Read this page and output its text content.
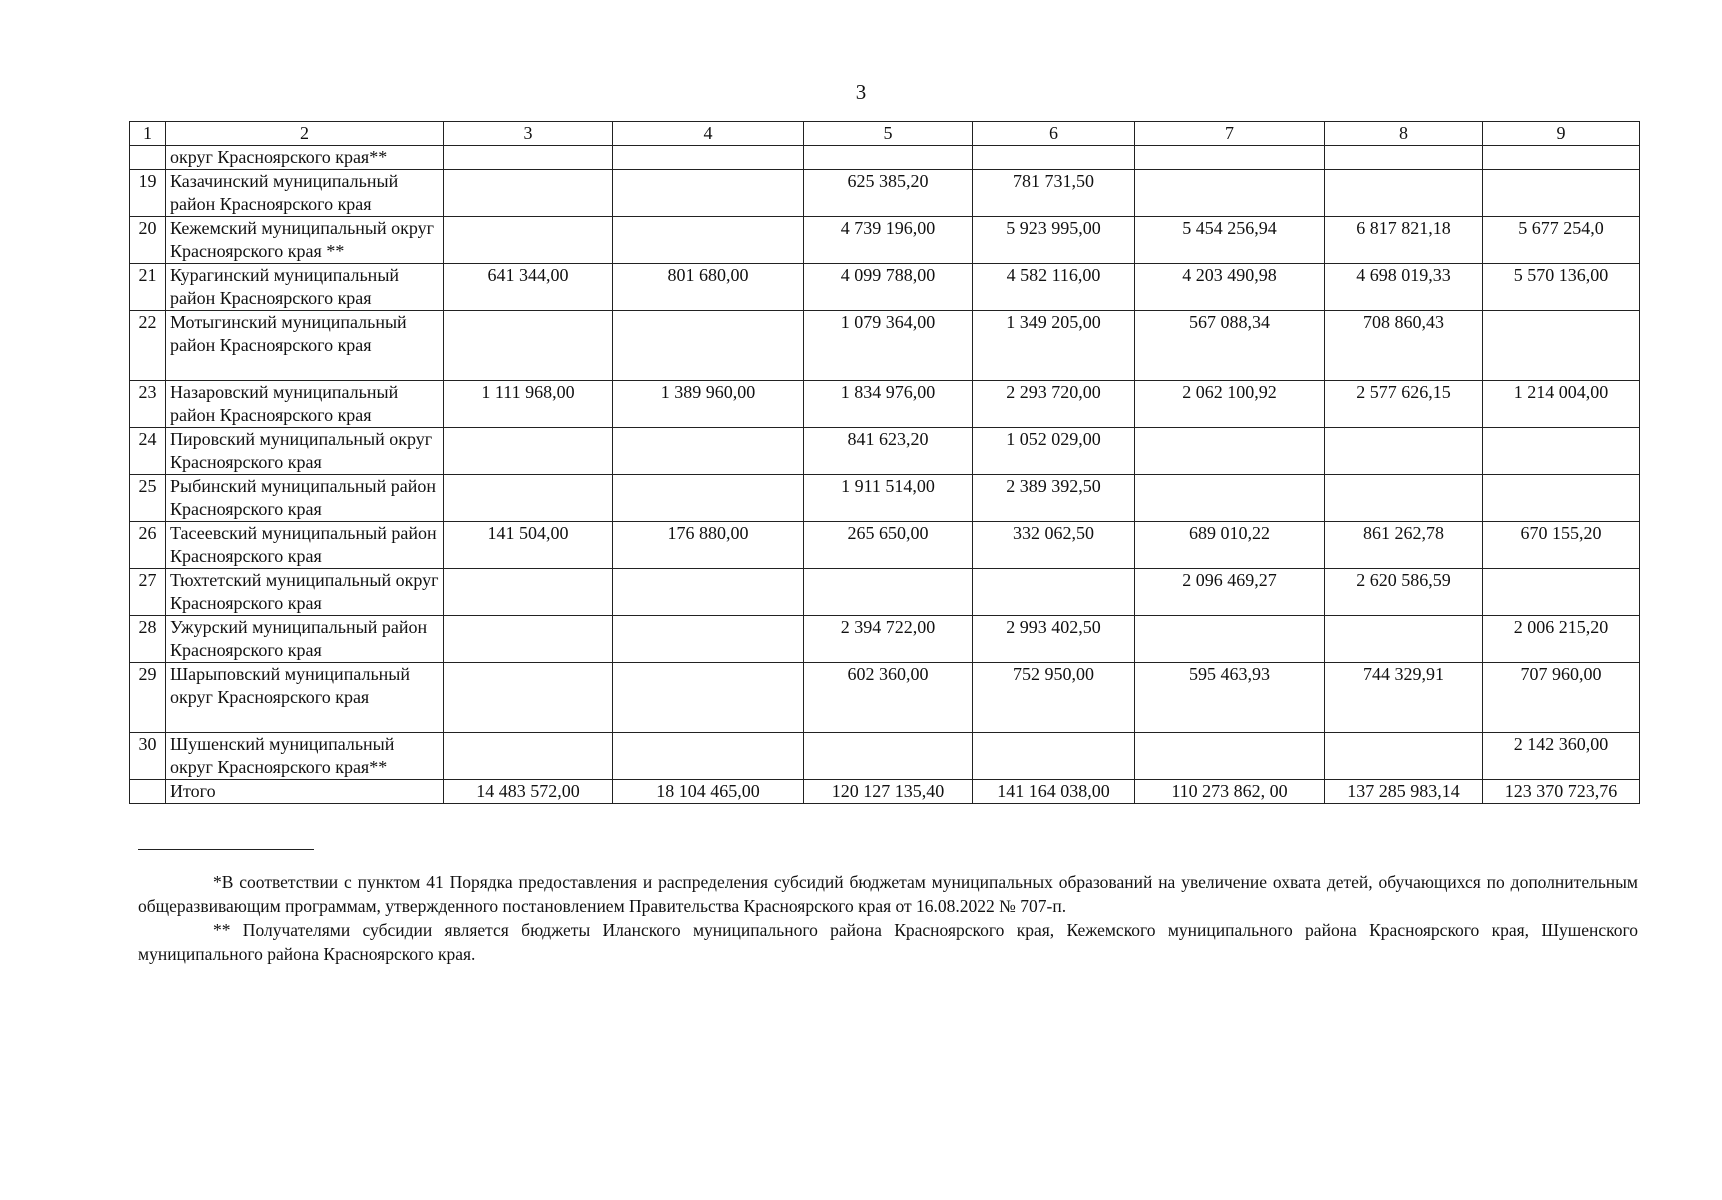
3
1	2	3	4	5	6	7	8	9
	округ Красноярского края**							
19	Казачинский муниципальный район Красноярского края			625 385,20	781 731,50			
20	Кежемский муниципальный округ Красноярского края **			4 739 196,00	5 923 995,00	5 454 256,94	6 817 821,18	5 677 254,0
21	Курагинский муниципальный район Красноярского края	641 344,00	801 680,00	4 099 788,00	4 582 116,00	4 203 490,98	4 698 019,33	5 570 136,00
22	Мотыгинский муниципальный район Красноярского края			1 079 364,00	1 349 205,00	567 088,34	708 860,43	
23	Назаровский муниципальный район Красноярского края	1 111 968,00	1 389 960,00	1 834 976,00	2 293 720,00	2 062 100,92	2 577 626,15	1 214 004,00
24	Пировский муниципальный округ Красноярского края			841 623,20	1 052 029,00			
25	Рыбинский муниципальный район Красноярского края			1 911 514,00	2 389 392,50			
26	Тасеевский муниципальный район Красноярского края	141 504,00	176 880,00	265 650,00	332 062,50	689 010,22	861 262,78	670 155,20
27	Тюхтетский муниципальный округ Красноярского края					2 096 469,27	2 620 586,59	
28	Ужурский муниципальный район Красноярского края			2 394 722,00	2 993 402,50			2 006 215,20
29	Шарыповский муниципальный округ Красноярского края			602 360,00	752 950,00	595 463,93	744 329,91	707 960,00
30	Шушенский муниципальный округ Красноярского края**							2 142 360,00
	Итого	14 483 572,00	18 104 465,00	120 127 135,40	141 164 038,00	110 273 862, 00	137 285 983,14	123 370 723,76

*В соответствии с пунктом 41 Порядка предоставления и распределения субсидий бюджетам муниципальных образований на увеличение охвата детей, обучающихся по дополнительным общеразвивающим программам, утвержденного постановлением Правительства Красноярского края от 16.08.2022 № 707-п.

** Получателями субсидии является бюджеты Иланского муниципального района Красноярского края, Кежемского муниципального района Красноярского края, Шушенского муниципального района Красноярского края.
